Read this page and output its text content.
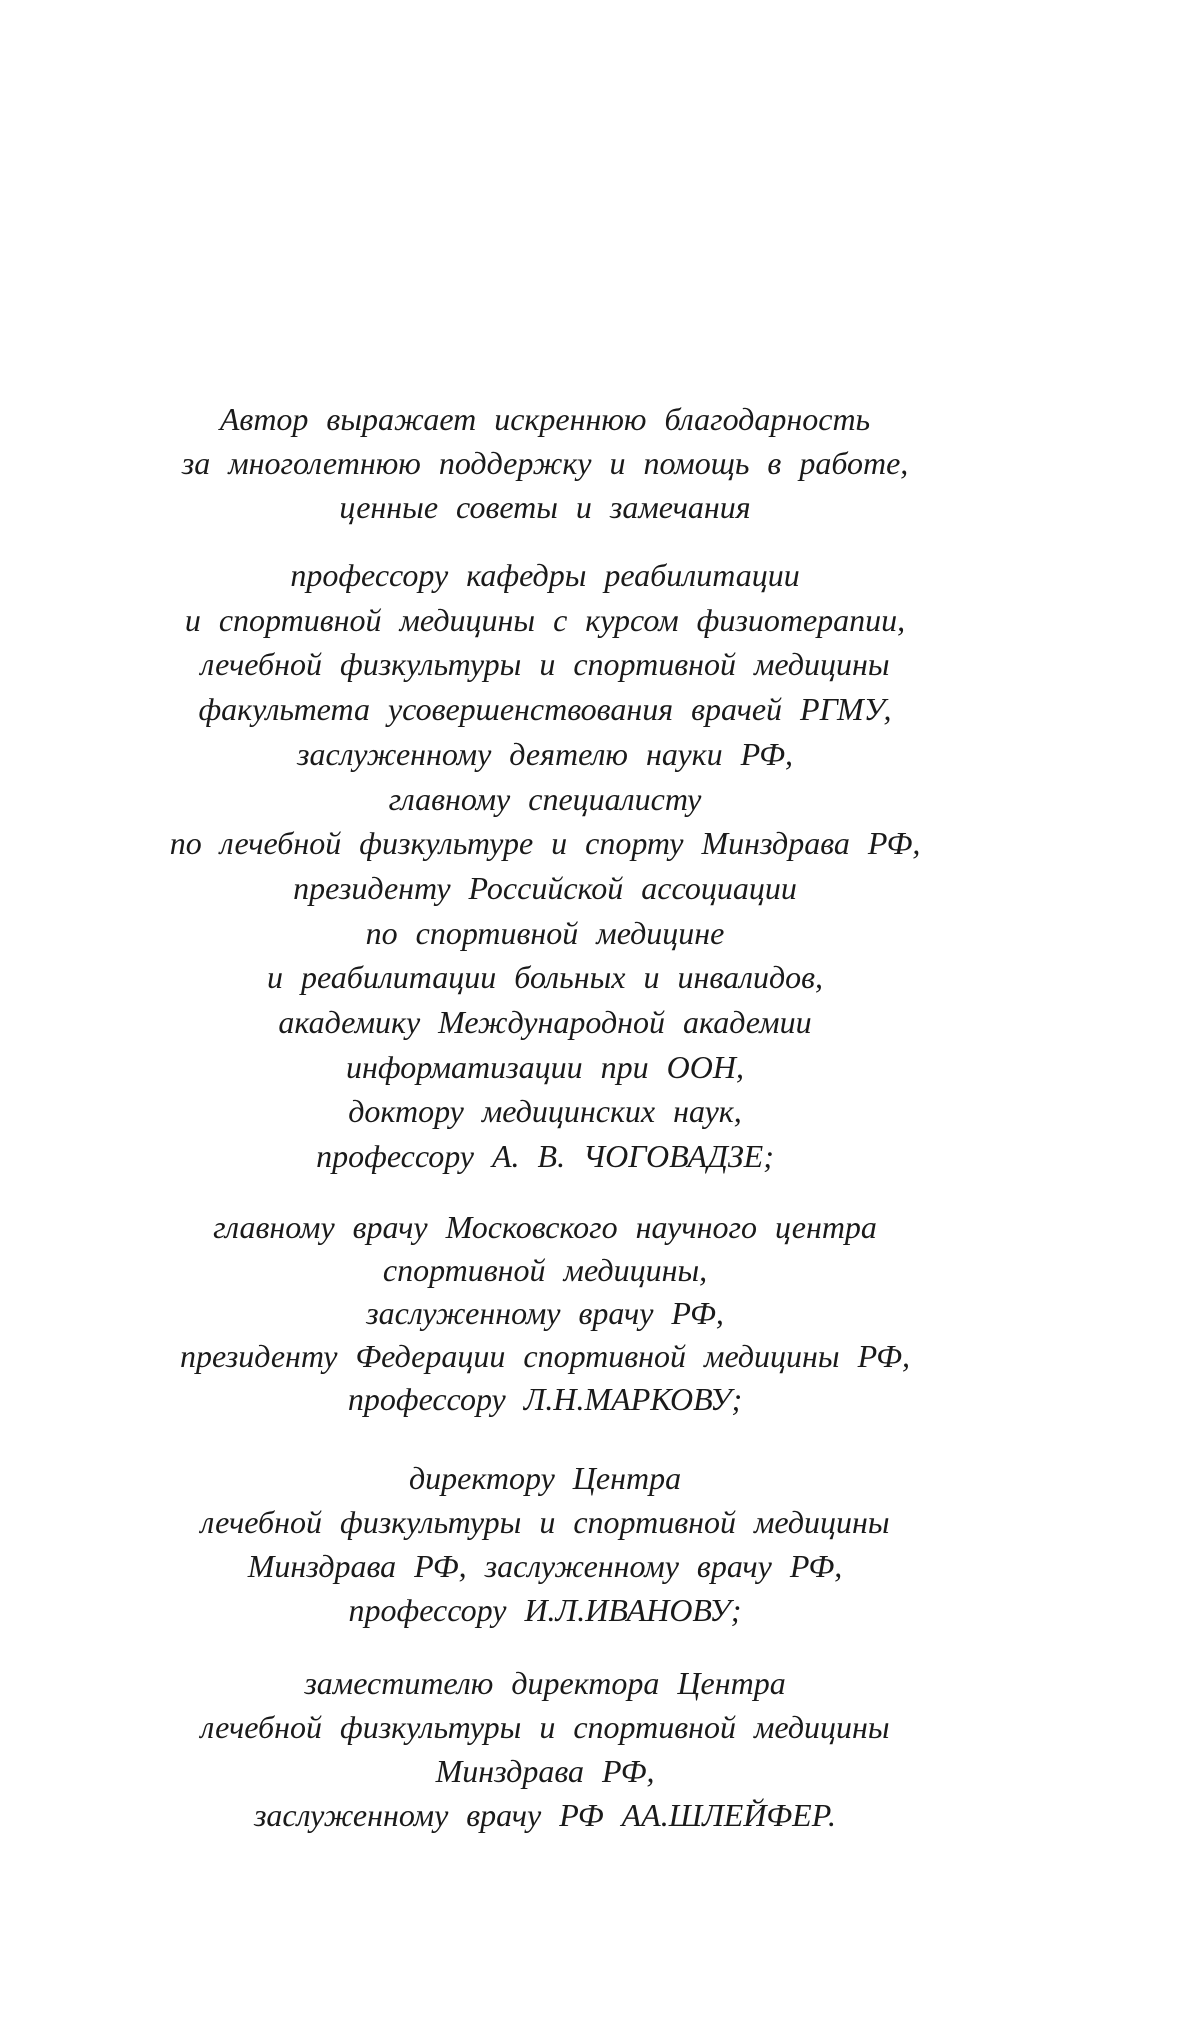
Автор выражает искреннюю благодарность
за многолетнюю поддержку и помощь в работе,
ценные советы и замечания
профессору кафедры реабилитации
и спортивной медицины с курсом физиотерапии,
лечебной физкультуры и спортивной медицины
факультета усовершенствования врачей РГМУ,
заслуженному деятелю науки РФ,
главному специалисту
по лечебной физкультуре и спорту Минздрава РФ,
президенту Российской ассоциации
по спортивной медицине
и реабилитации больных и инвалидов,
академику Международной академии
информатизации при ООН,
доктору медицинских наук,
профессору А. В. ЧОГОВАДЗЕ;
главному врачу Московского научного центра
спортивной медицины,
заслуженному врачу РФ,
президенту Федерации спортивной медицины РФ,
профессору Л.Н.МАРКОВУ;
директору Центра
лечебной физкультуры и спортивной медицины
Минздрава РФ, заслуженному врачу РФ,
профессору И.Л.ИВАНОВУ;
заместителю директора Центра
лечебной физкультуры и спортивной медицины
Минздрава РФ,
заслуженному врачу РФ АА.ШЛЕЙФЕР.
